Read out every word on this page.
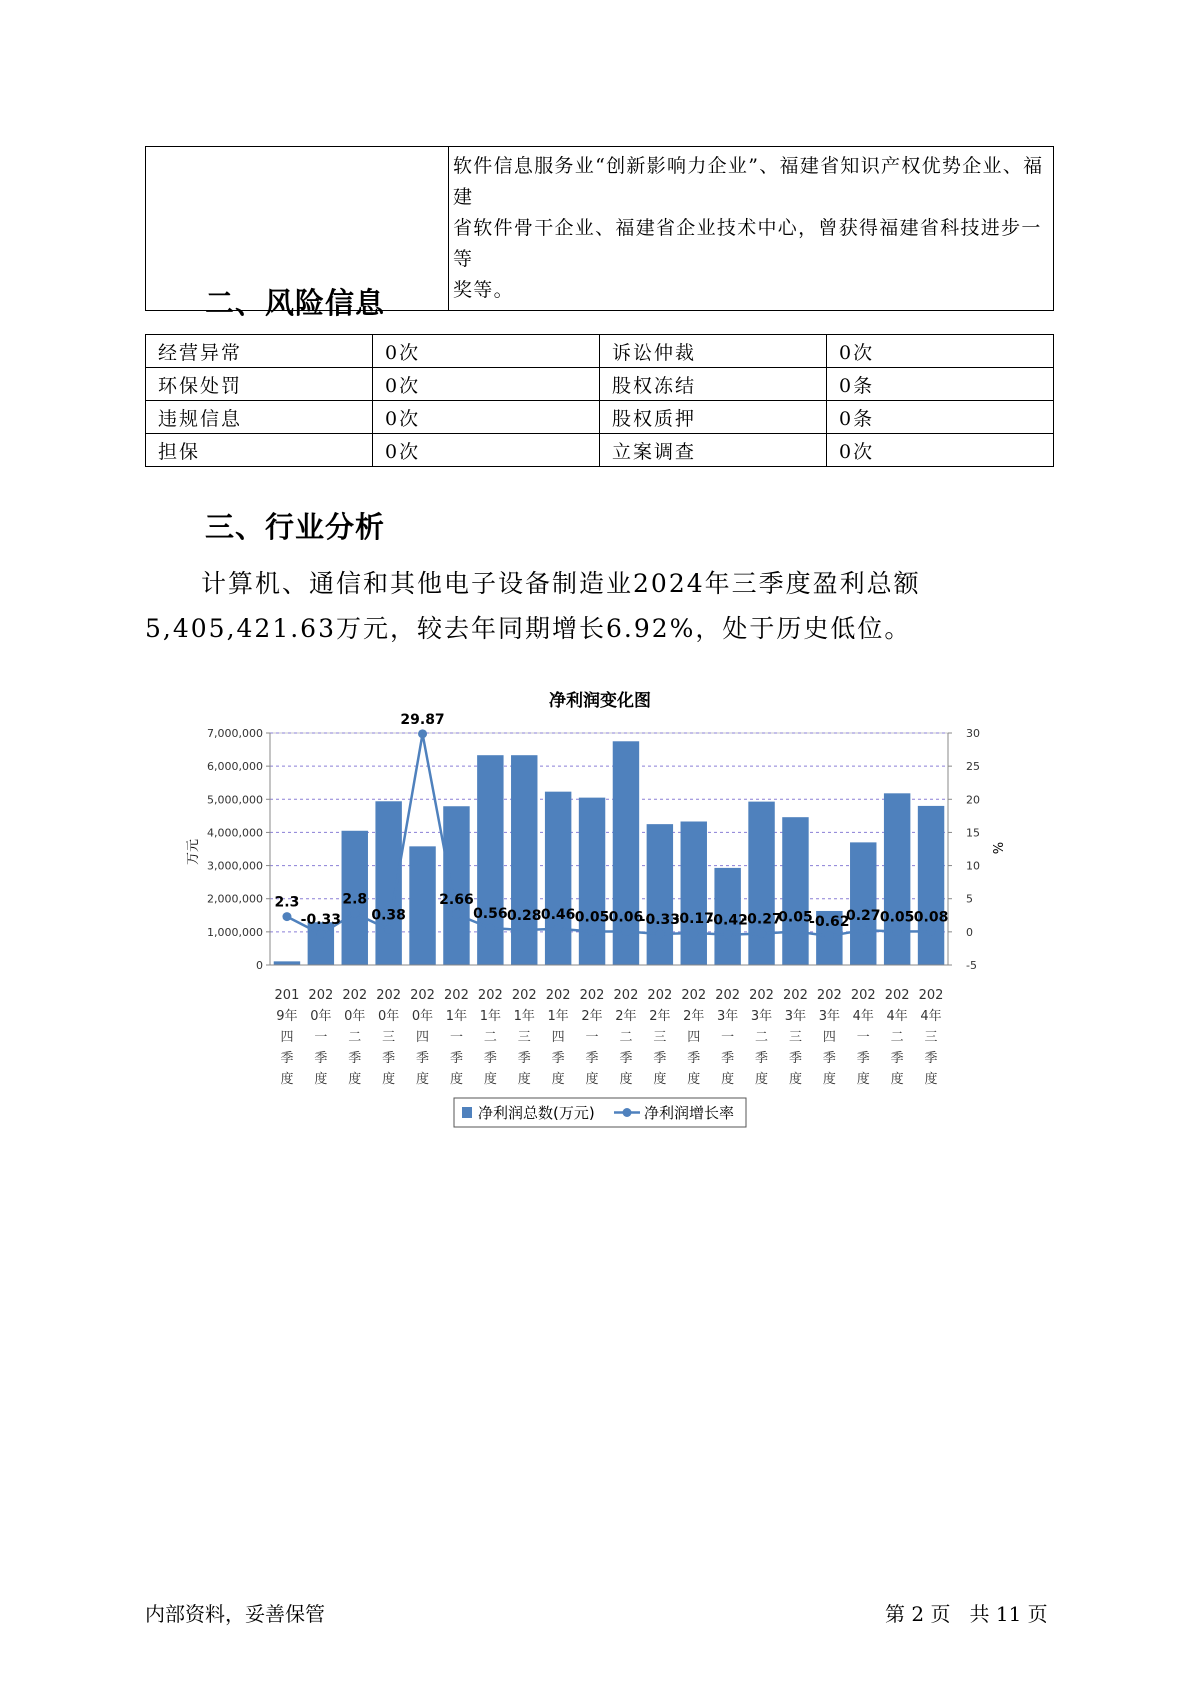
软件信息服务业“创新影响力企业”、福建省知识产权优势企业、福建
省软件骨干企业、福建省企业技术中心，曾获得福建省科技进步一等
奖等。
二、风险信息
经营异常	0次	诉讼仲裁	0次
环保处罚	0次	股权冻结	0条
违规信息	0次	股权质押	0条
担保	0次	立案调查	0次
三、行业分析
计算机、通信和其他电子设备制造业2024年三季度盈利总额
5,405,421.63万元，较去年同期增长6.92%，处于历史低位。
净利润变化图
2.3
-0.33
2.8
0.38
29.87
2.66
0.56 0.28 0.46 0.05 0.06
-0.33
-0.17
-0.42
-0.27
0.05
-0.62
0.27 0.05 0.08
0
1,000,000
2,000,000
3,000,000
4,000,000
5,000,000
6,000,000
7,000,000
-5
0
5
10
15
20
25
30
201
9年
四
季
度
202
0年
一
季
度
202
0年
二
季
度
202
0年
三
季
度
202
0年
四
季
度
202
1年
一
季
度
202
1年
二
季
度
202
1年
三
季
度
202
1年
四
季
度
202
2年
一
季
度
202
2年
二
季
度
202
2年
三
季
度
202
2年
四
季
度
202
3年
一
季
度
202
3年
二
季
度
202
3年
三
季
度
202
3年
四
季
度
202
4年
一
季
度
202
4年
二
季
度
202
4年
三
季
度
万元	%
净利润总数(万元)	净利润增长率
内部资料，妥善保管	第 2 页   共 11 页
